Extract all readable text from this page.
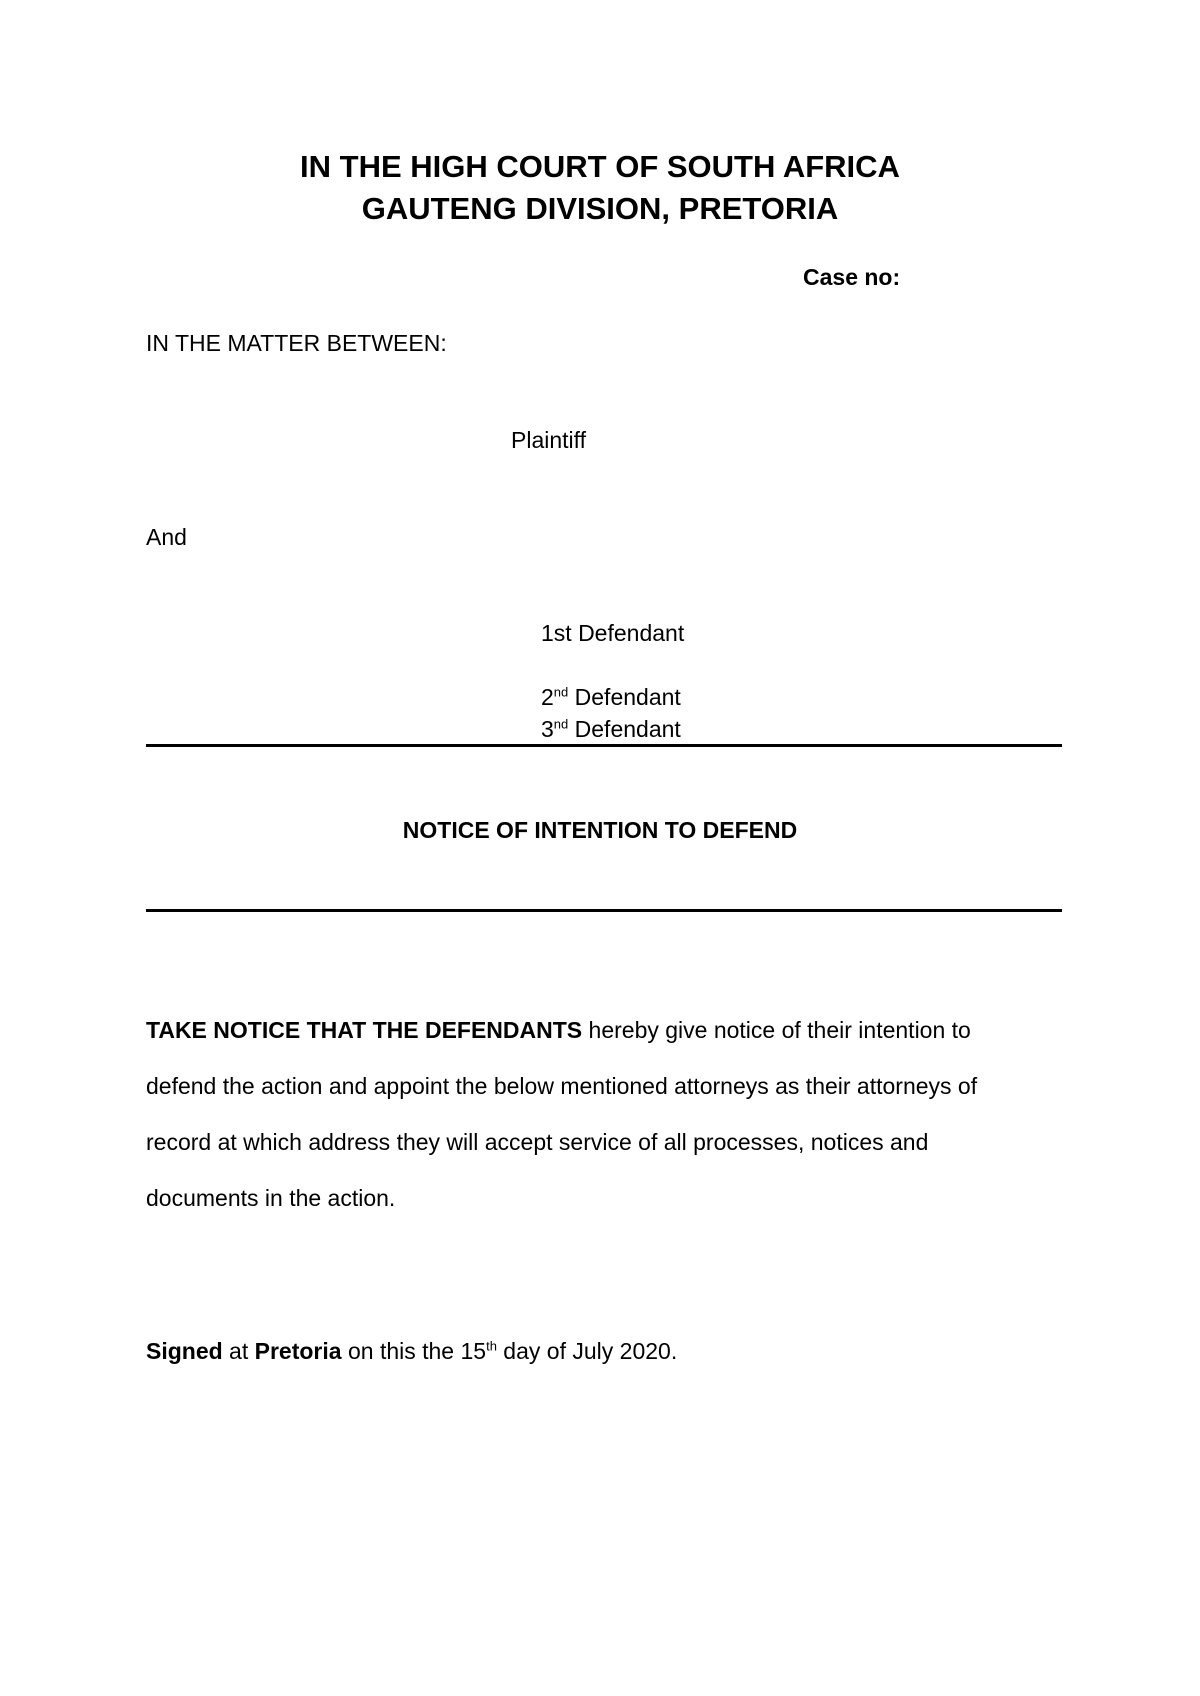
IN THE HIGH COURT OF SOUTH AFRICA
GAUTENG DIVISION, PRETORIA
Case no:
IN THE MATTER BETWEEN:
Plaintiff
And
1st Defendant
2nd Defendant
3nd Defendant
NOTICE OF INTENTION TO DEFEND
TAKE NOTICE THAT THE DEFENDANTS hereby give notice of their intention to
defend the action and appoint the below mentioned attorneys as their attorneys of
record at which address they will accept service of all processes, notices and
documents in the action.
Signed at Pretoria on this the 15th day of July 2020.
